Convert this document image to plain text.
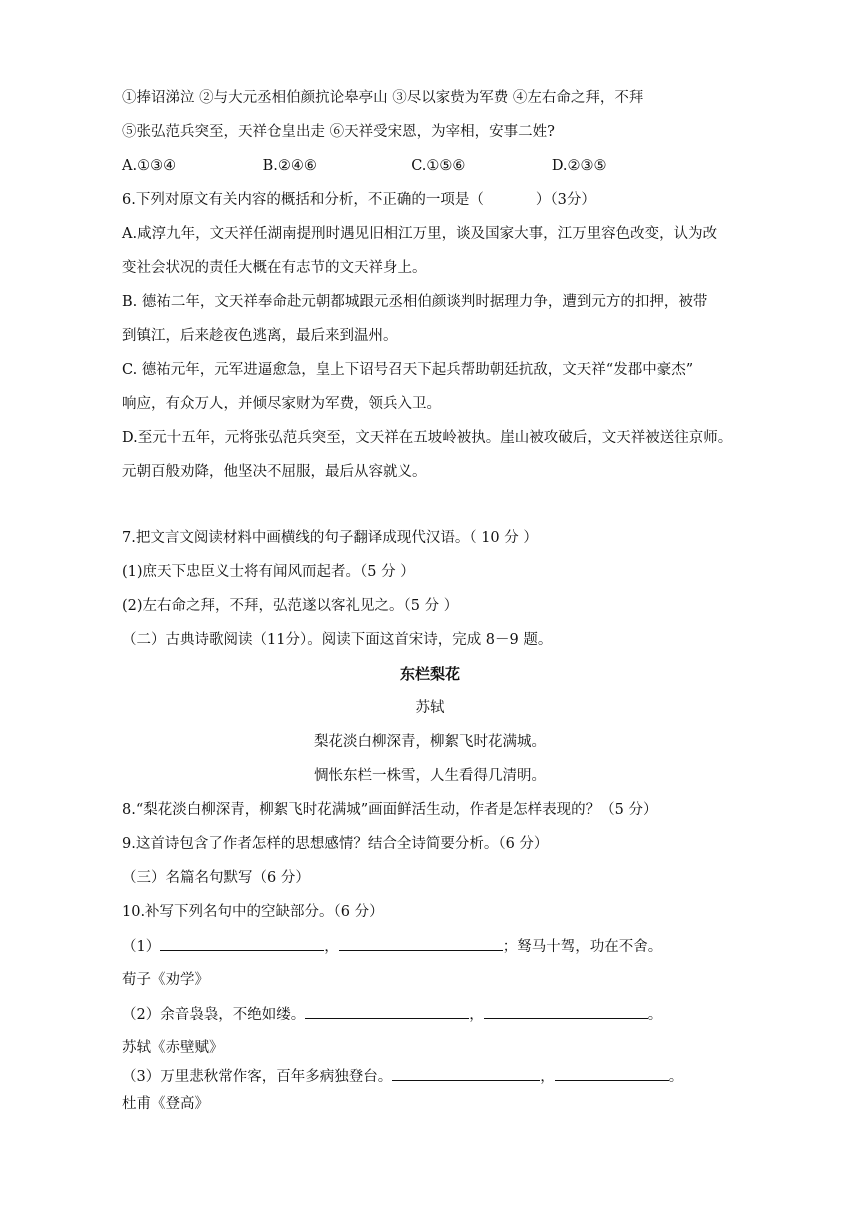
①捧诏涕泣 ②与大元丞相伯颜抗论皋亭山 ③尽以家赀为军费 ④左右命之拜，不拜
⑤张弘范兵突至，天祥仓皇出走 ⑥天祥受宋恩，为宰相，安事二姓?
A.①③④	B.②④⑥	C.①⑤⑥	D.②③⑤
6.下列对原文有关内容的概括和分析，不正确的一项是（	）（3分）
A.咸淳九年，文天祥任湖南提刑时遇见旧相江万里，谈及国家大事，江万里容色改变，认为改
变社会状况的责任大概在有志节的文天祥身上。
B. 德祐二年，文天祥奉命赴元朝都城跟元丞相伯颜谈判时据理力争，遭到元方的扣押，被带
到镇江，后来趁夜色逃离，最后来到温州。
C. 德祐元年，元军进逼愈急，皇上下诏号召天下起兵帮助朝廷抗敌，文天祥“发郡中豪杰”
响应，有众万人，并倾尽家财为军费，领兵入卫。
D.至元十五年，元将张弘范兵突至，文天祥在五坡岭被执。崖山被攻破后，文天祥被送往京师。
元朝百般劝降，他坚决不屈服，最后从容就义。
7.把文言文阅读材料中画横线的句子翻译成现代汉语。（ 10 分 ）
(1)庶天下忠臣义士将有闻风而起者。（5 分 ）
(2)左右命之拜，不拜，弘范遂以客礼见之。（5 分 ）
（二）古典诗歌阅读（11分）。阅读下面这首宋诗，完成 8－9 题。
东栏梨花
苏轼
梨花淡白柳深青，柳絮飞时花满城。
惆怅东栏一株雪，人生看得几清明。
8.“梨花淡白柳深青，柳絮飞时花满城”画面鲜活生动，作者是怎样表现的？（5 分）
9.这首诗包含了作者怎样的思想感情？结合全诗简要分析。（6 分）
（三）名篇名句默写（6 分）
10.补写下列名句中的空缺部分。（6 分）
（1）	，	；驽马十驾，功在不舍。
荀子《劝学》
（2）余音袅袅，不绝如缕。	，	。
苏轼《赤壁赋》
（3）万里悲秋常作客，百年多病独登台。	，	。
杜甫《登高》
